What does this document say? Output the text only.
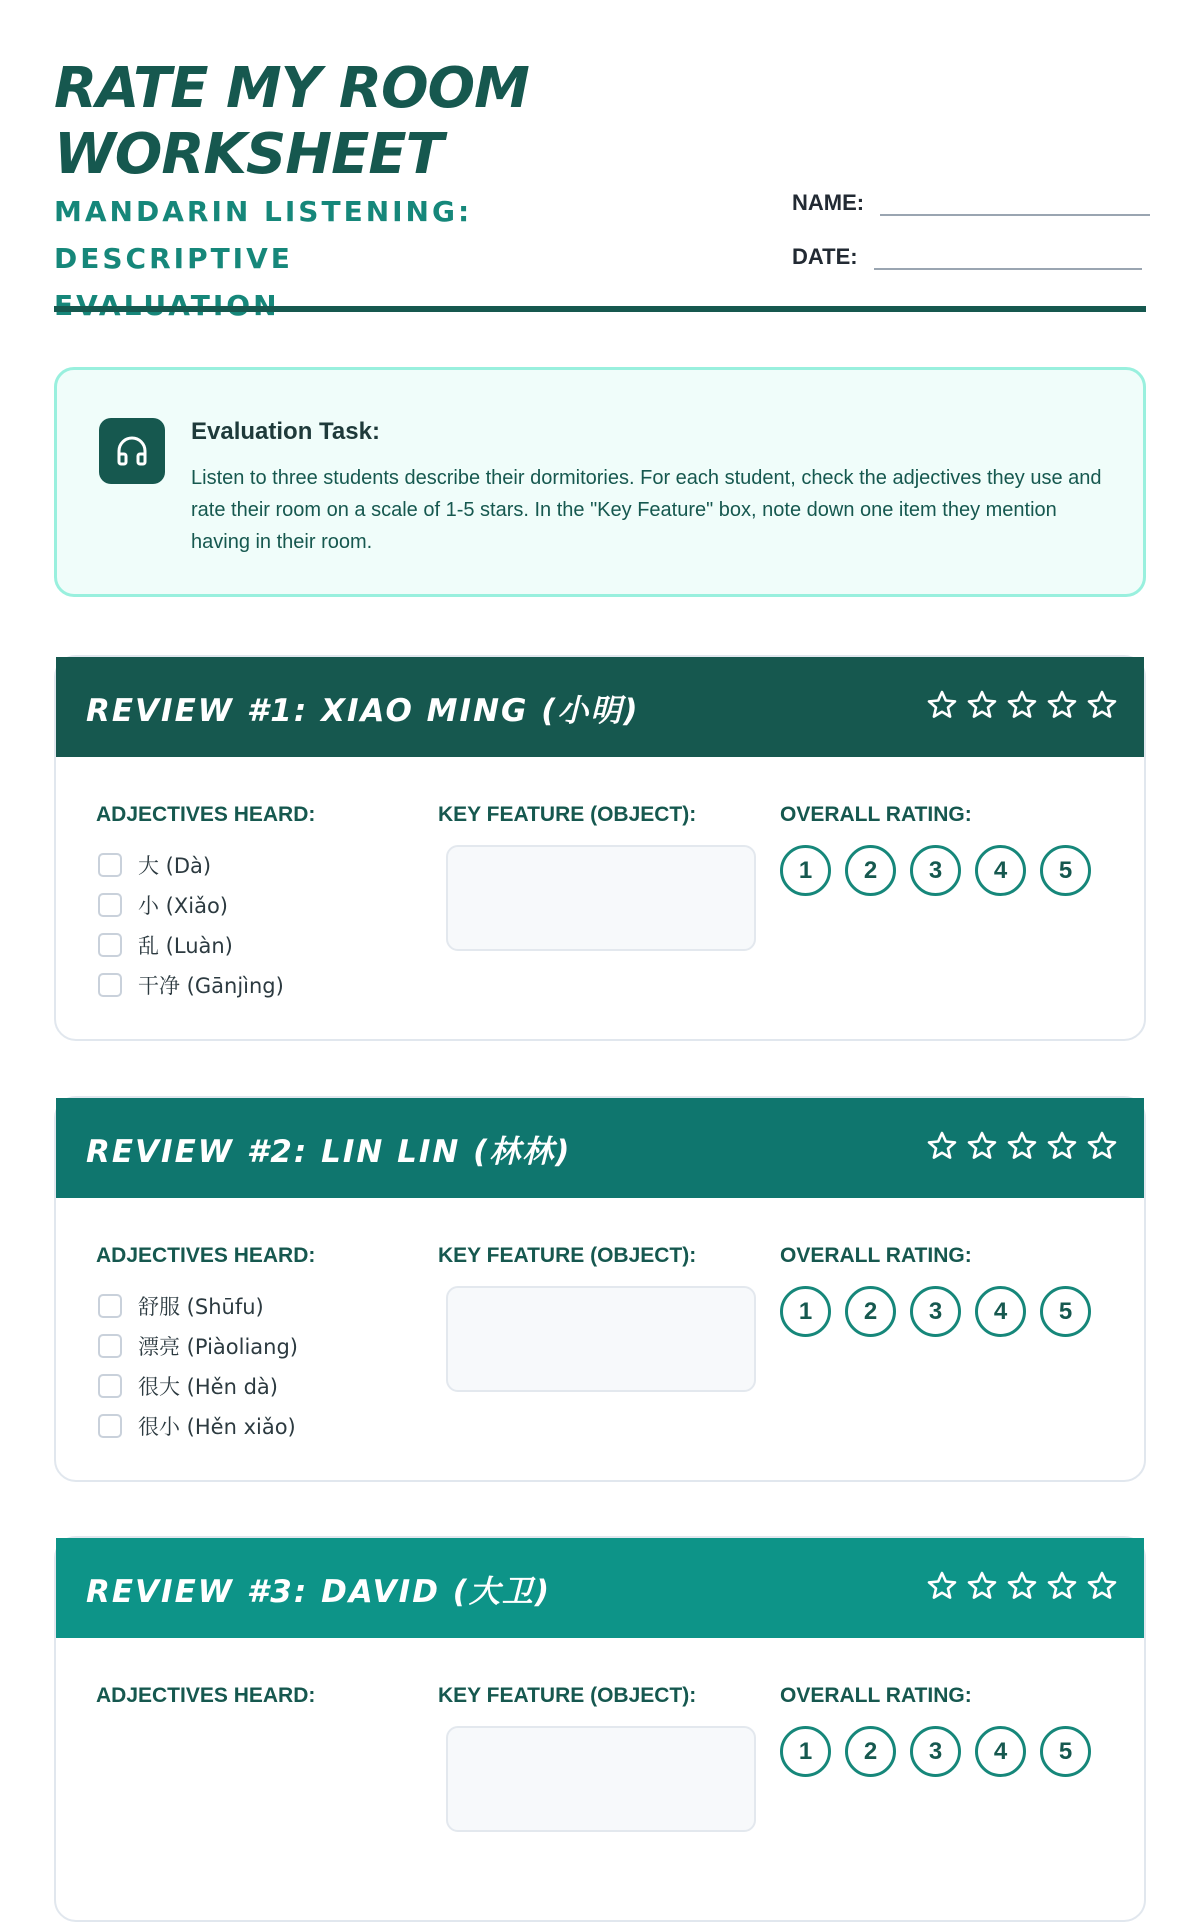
RATE MY ROOM
WORKSHEET
MANDARIN LISTENING: DESCRIPTIVE
NAME:
DATE:
Evaluation Task:
Listen to three students describe their dormitories. For each student, check the adjectives they use and rate their room on a scale of 1-5 stars. In the "Key Feature" box, note down one item they mention having in their room.
REVIEW #1: XIAO MING (小明)
ADJECTIVES HEARD:	KEY FEATURE (OBJECT):	OVERALL RATING:
大 (Dà)
小 (Xiǎo)
乱 (Luàn)
干净 (Gānjìng)
1	2	3	4	5
REVIEW #2: LIN LIN (林林)
ADJECTIVES HEARD:	KEY FEATURE (OBJECT):	OVERALL RATING:
舒服 (Shūfu)
漂亮 (Piàoliang)
很大 (Hěn dà)
很小 (Hěn xiǎo)
1	2	3	4	5
REVIEW #3: DAVID (大卫)
ADJECTIVES HEARD:	KEY FEATURE (OBJECT):	OVERALL RATING:
1	2	3	4	5
